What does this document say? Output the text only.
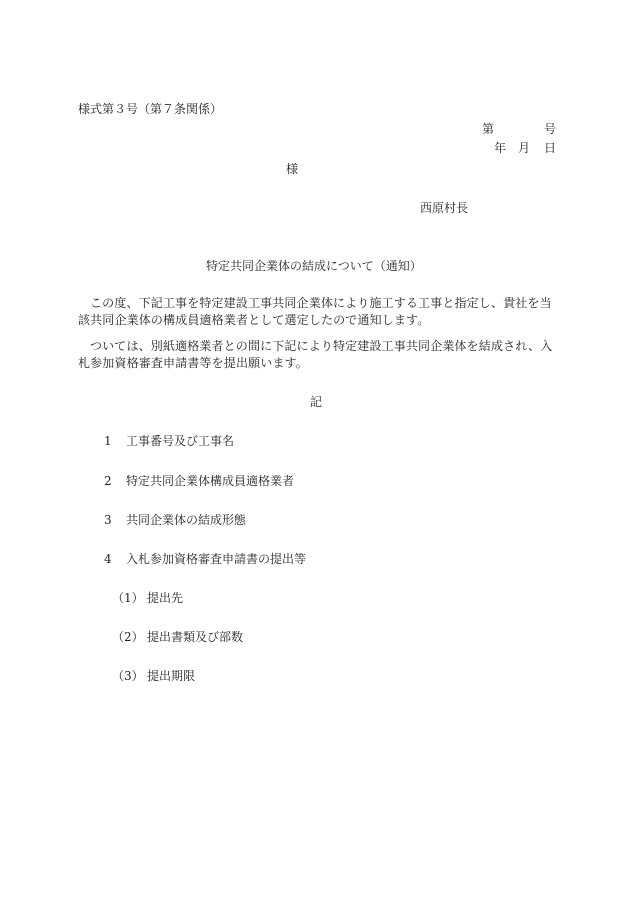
様式第３号（第７条関係）
第	号
年 月 日
様
西原村長
特定共同企業体の結成について（通知）
この度、下記工事を特定建設工事共同企業体により施工する工事と指定し、貴社を当該共同企業体の構成員適格業者として選定したので通知します。
ついては、別紙適格業者との間に下記により特定建設工事共同企業体を結成され、入札参加資格審査申請書等を提出願います。
記
1 工事番号及び工事名
2 特定共同企業体構成員適格業者
3 共同企業体の結成形態
4 入札参加資格審査申請書の提出等
（1） 提出先
（2） 提出書類及び部数
（3） 提出期限
